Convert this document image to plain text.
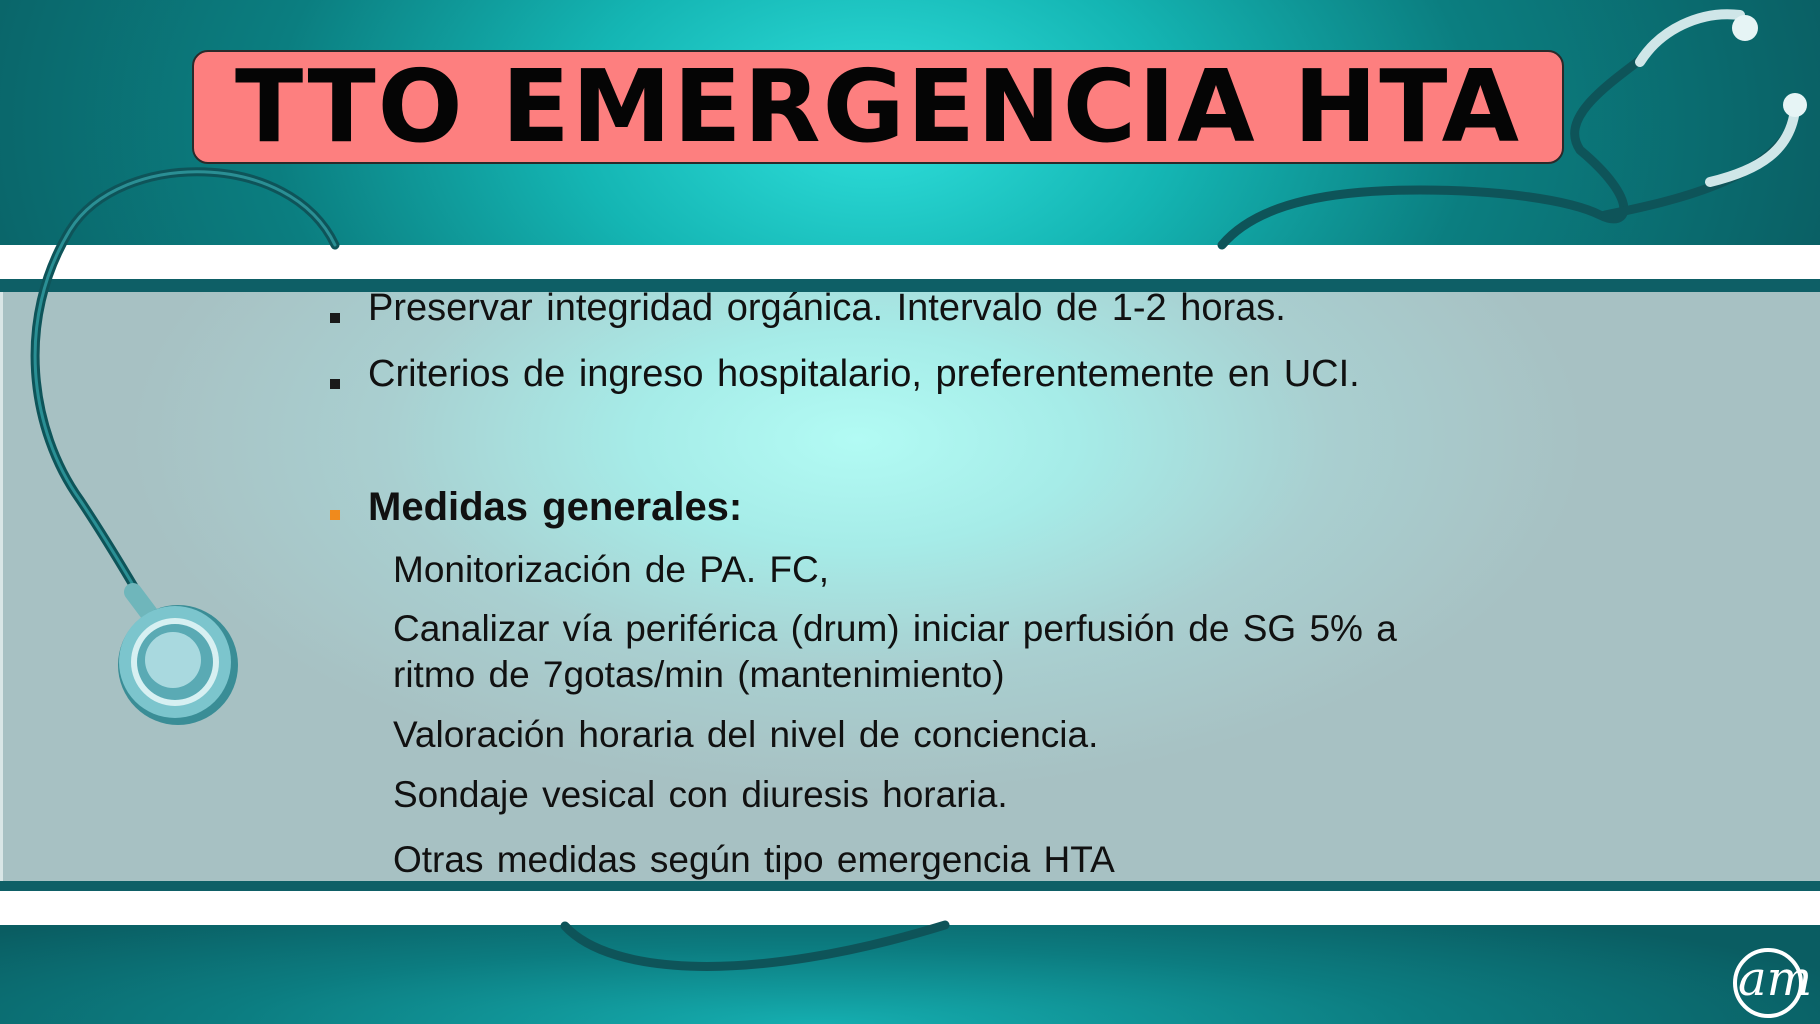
TTO EMERGENCIA HTA
Preservar integridad orgánica. Intervalo de 1-2 horas.
Criterios de ingreso hospitalario, preferentemente en UCI.
Medidas generales:
Monitorización de PA. FC,
Canalizar vía periférica (drum) iniciar perfusión de SG 5% a
ritmo de 7gotas/min (mantenimiento)
Valoración horaria del nivel de conciencia.
Sondaje vesical con diuresis horaria.
Otras medidas según tipo emergencia HTA
am
